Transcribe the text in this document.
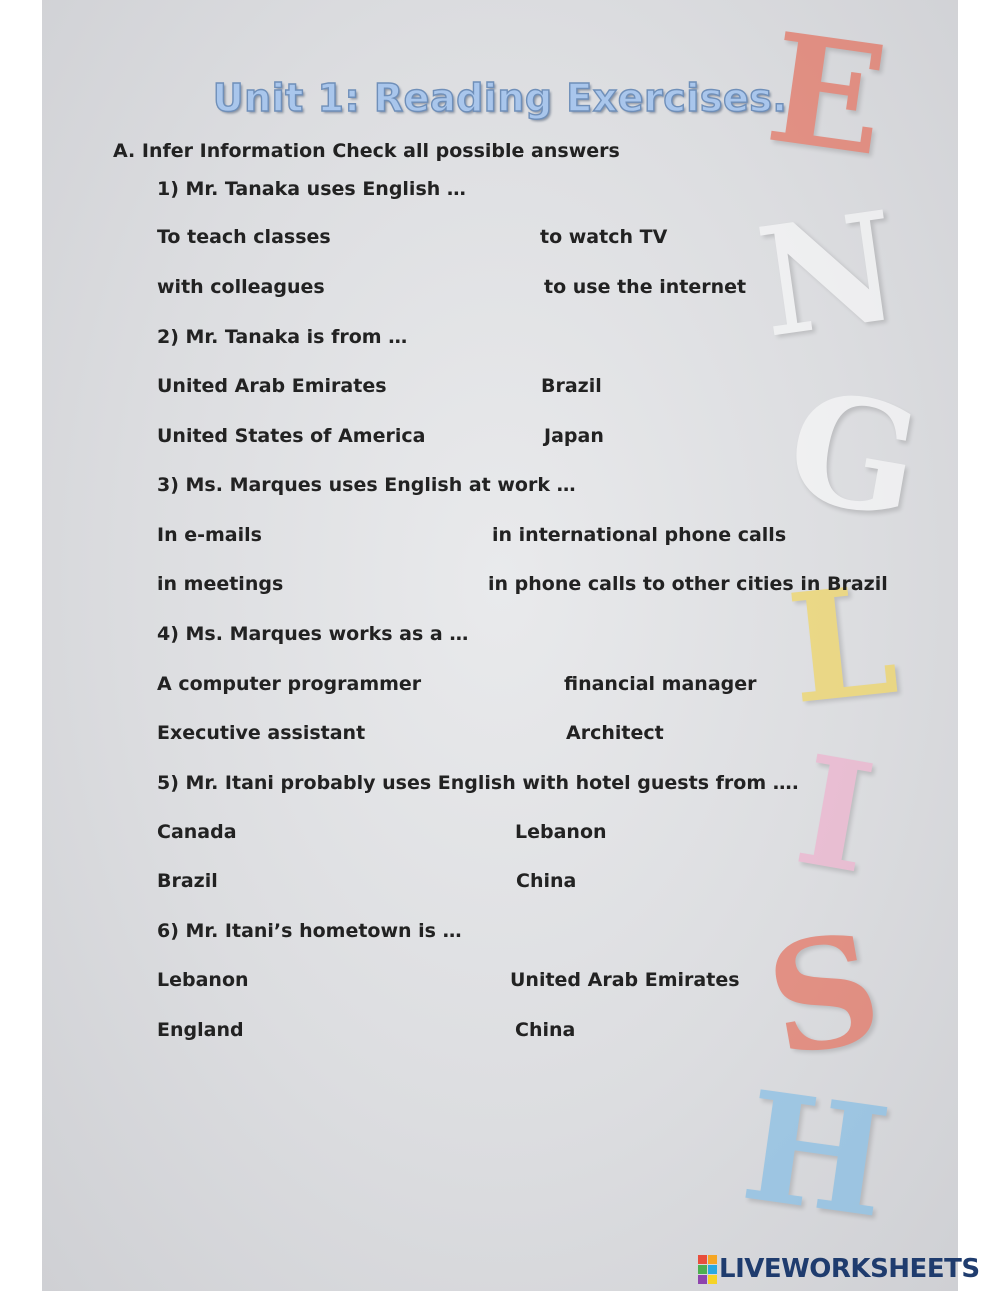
E
N
G
L
I
S
H
Unit 1: Reading Exercises.
A. Infer Information Check all possible answers
1) Mr. Tanaka uses English …
To teach classes	to watch TV
with colleagues	to use the internet
2) Mr. Tanaka is from …
United Arab Emirates	Brazil
United States of America	Japan
3) Ms. Marques uses English at work …
In e-mails	in international phone calls
in meetings	in phone calls to other cities in Brazil
4) Ms. Marques works as a …
A computer programmer	financial manager
Executive assistant	Architect
5) Mr. Itani probably uses English with hotel guests from ….
Canada	Lebanon
Brazil	China
6) Mr. Itani’s hometown is …
Lebanon	United Arab Emirates
England	China
LIVEWORKSHEETS
